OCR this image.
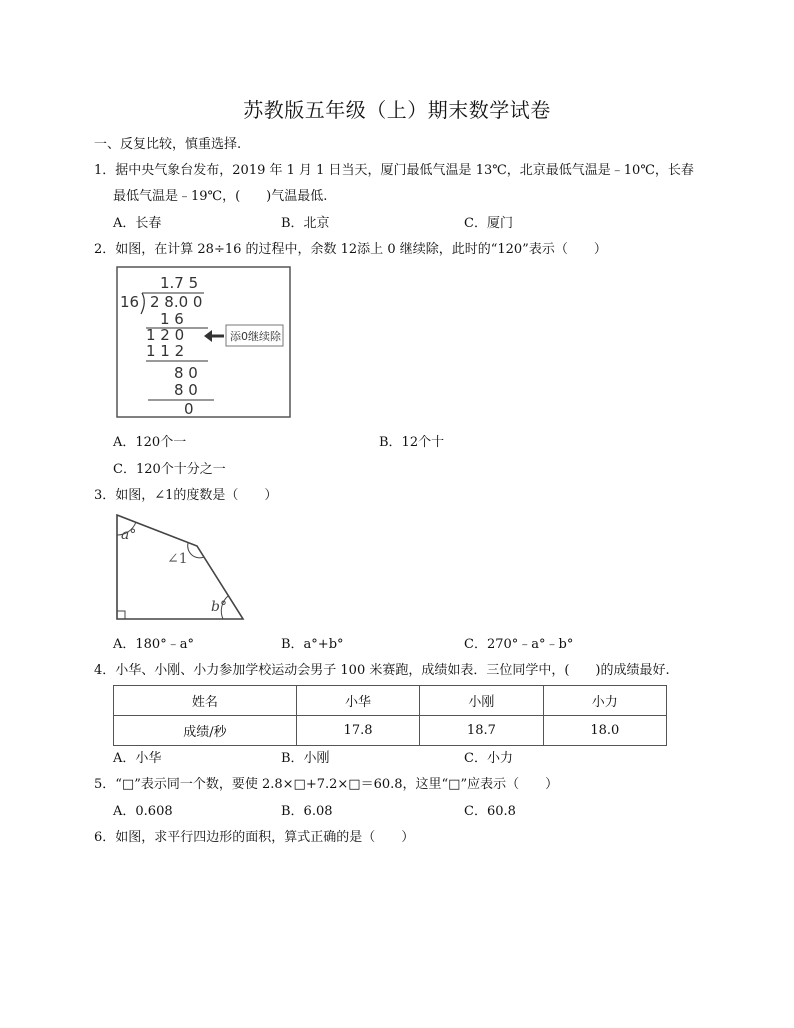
苏教版五年级（上）期末数学试卷
一、反复比较，慎重选择.
1．据中央气象台发布，2019 年 1 月 1 日当天，厦门最低气温是 13℃，北京最低气温是﹣10℃，长春
最低气温是﹣19℃，(　　)气温最低.
A．长春	B．北京	C．厦门
2．如图，在计算 28÷16 的过程中，余数 12添上 0 继续除，此时的“120”表示（　　）
1.7 5
16 2 8.0 0
1 6
1 2 0
1 1 2
8 0
8 0
0
添0继续除
A．120个一	B．12个十
C．120个十分之一
3．如图，∠1的度数是（　　）
a°
∠1
b°
A．180°﹣a°	B．a°+b°	C．270°﹣a°﹣b°
4．小华、小刚、小力参加学校运动会男子 100 米赛跑，成绩如表．三位同学中，(　　)的成绩最好.
姓名	小华	小刚	小力
成绩/秒	17.8	18.7	18.0
A．小华	B．小刚	C．小力
5．“□”表示同一个数，要使 2.8×□+7.2×□＝60.8，这里“□”应表示（　　）
A．0.608	B．6.08	C．60.8
6．如图，求平行四边形的面积，算式正确的是（　　）
